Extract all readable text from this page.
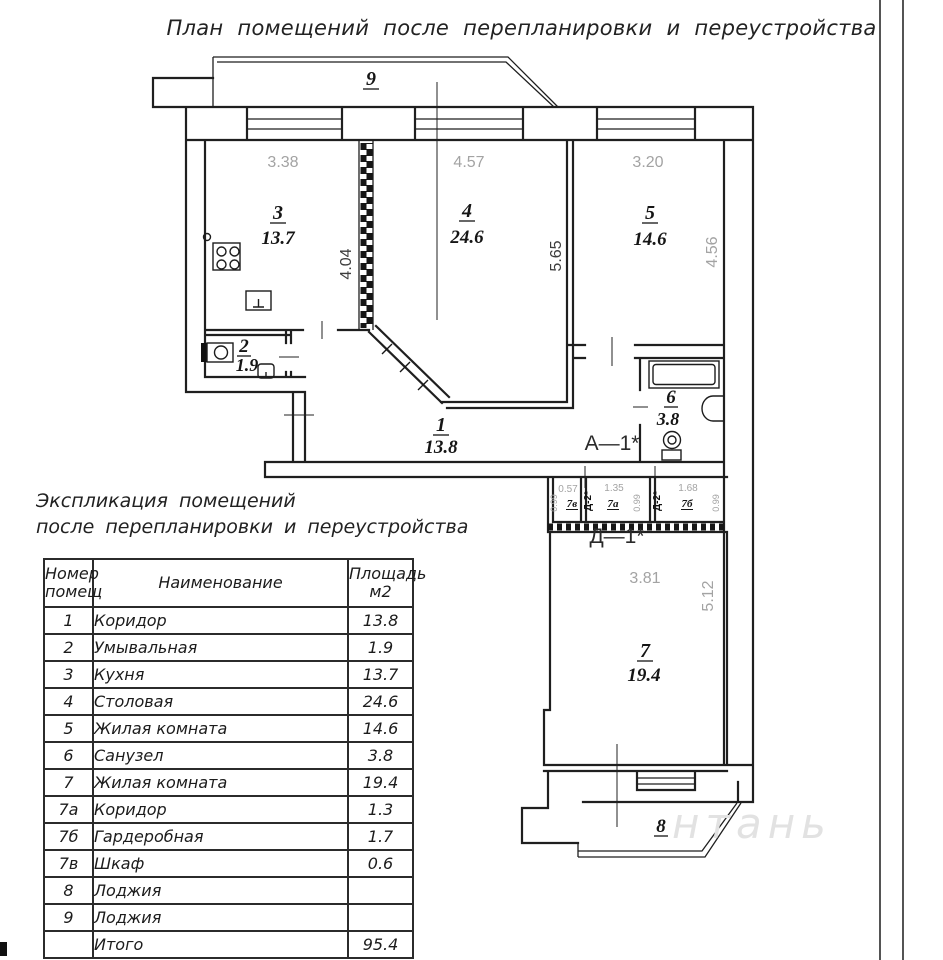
План помещений после перепланировки и переустройства
3.38	4.57	3.20
4.04	5.65	4.56
3.81
5.12
0.57	1.35	1.68
0.99	0.99	0.99
9
3
13.7
4
24.6
5
14.6
2
1.9
1
13.8
6
3.8
7
19.4
8
7в	7а	7б
А—1*
Д—1*
Д-2*	Д-2*
нтань
Экспликация помещений
после перепланировки и переустройства
Номер
помещ	Наименование	Площадь
м2
1	Коридор	13.8
2	Умывальная	1.9
3	Кухня	13.7
4	Столовая	24.6
5	Жилая комната	14.6
6	Санузел	3.8
7	Жилая комната	19.4
7а	Коридор	1.3
7б	Гардеробная	1.7
7в	Шкаф	0.6
8	Лоджия	
9	Лоджия	
	Итого	95.4
